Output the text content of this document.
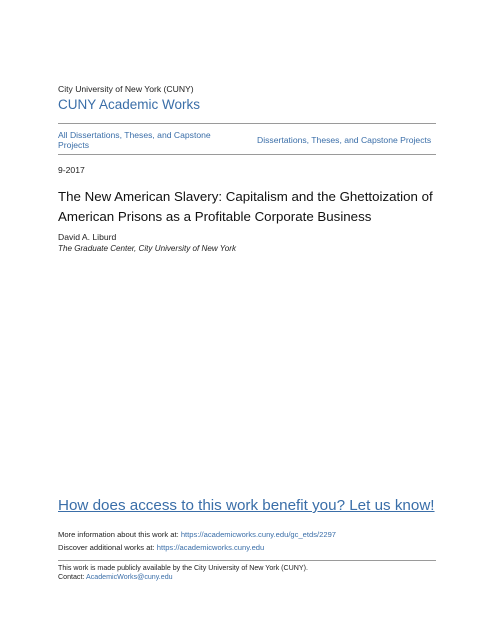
City University of New York (CUNY)
CUNY Academic Works
All Dissertations, Theses, and Capstone Projects	Dissertations, Theses, and Capstone Projects
9-2017
The New American Slavery: Capitalism and the Ghettoization of American Prisons as a Profitable Corporate Business
David A. Liburd
The Graduate Center, City University of New York
How does access to this work benefit you? Let us know!
More information about this work at: https://academicworks.cuny.edu/gc_etds/2297
Discover additional works at: https://academicworks.cuny.edu
This work is made publicly available by the City University of New York (CUNY).
Contact: AcademicWorks@cuny.edu
